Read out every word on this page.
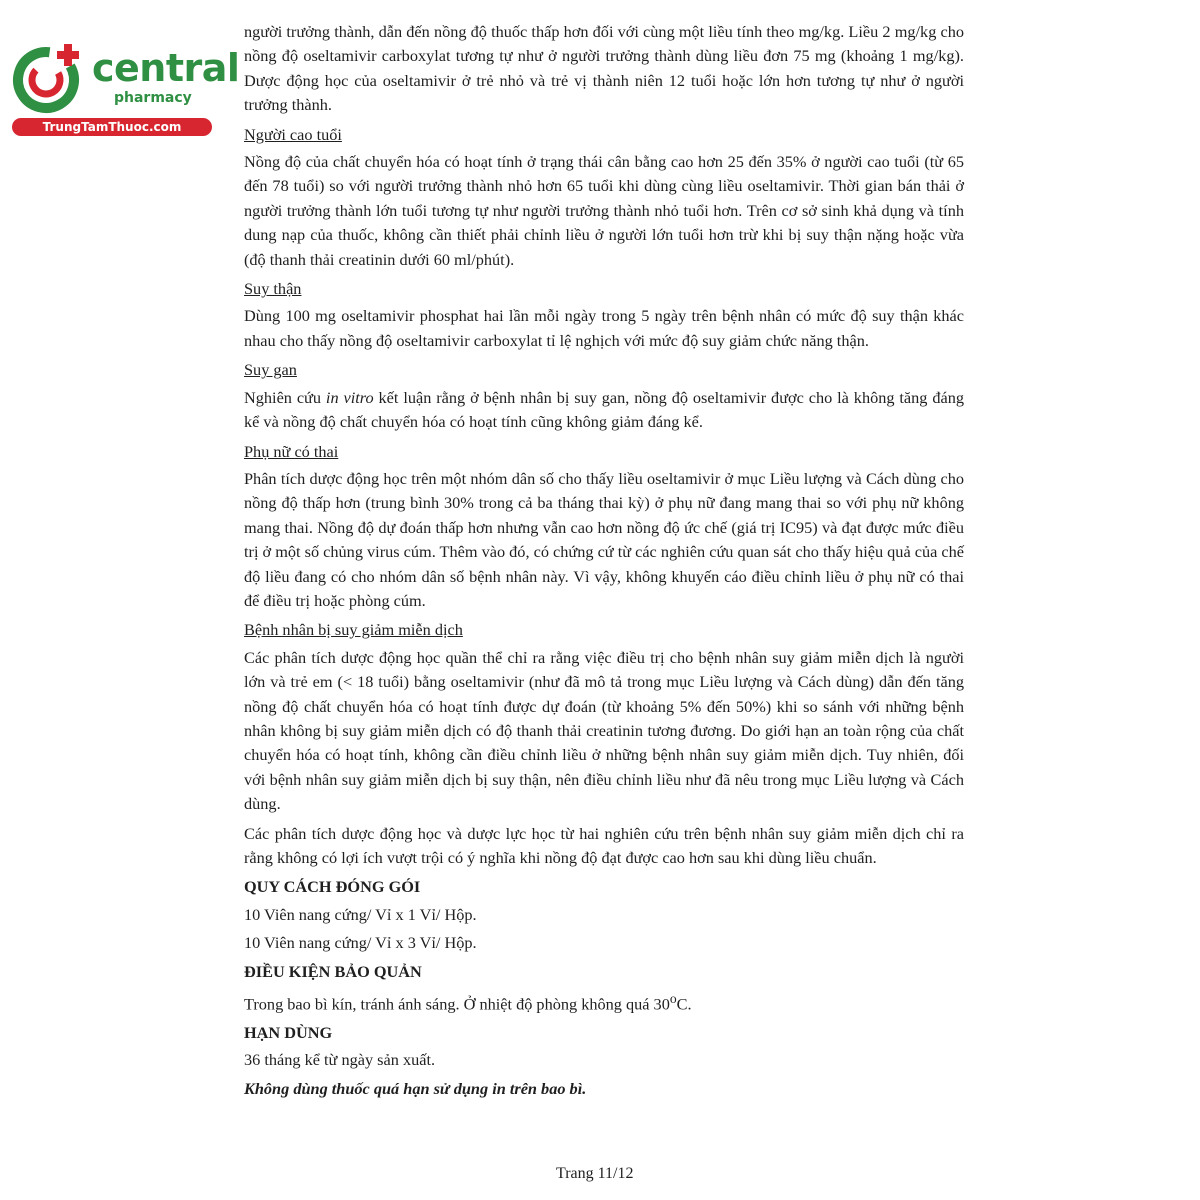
central
pharmacy
TrungTamThuoc.com

người trưởng thành, dẫn đến nồng độ thuốc thấp hơn đối với cùng một liều tính theo mg/kg. Liều 2 mg/kg cho nồng độ oseltamivir carboxylat tương tự như ở người trưởng thành dùng liều đơn 75 mg (khoảng 1 mg/kg). Dược động học của oseltamivir ở trẻ nhỏ và trẻ vị thành niên 12 tuổi hoặc lớn hơn tương tự như ở người trưởng thành.

Người cao tuổi

Nồng độ của chất chuyển hóa có hoạt tính ở trạng thái cân bằng cao hơn 25 đến 35% ở người cao tuổi (từ 65 đến 78 tuổi) so với người trưởng thành nhỏ hơn 65 tuổi khi dùng cùng liều oseltamivir. Thời gian bán thải ở người trưởng thành lớn tuổi tương tự như người trưởng thành nhỏ tuổi hơn. Trên cơ sở sinh khả dụng và tính dung nạp của thuốc, không cần thiết phải chỉnh liều ở người lớn tuổi hơn trừ khi bị suy thận nặng hoặc vừa (độ thanh thải creatinin dưới 60 ml/phút).

Suy thận

Dùng 100 mg oseltamivir phosphat hai lần mỗi ngày trong 5 ngày trên bệnh nhân có mức độ suy thận khác nhau cho thấy nồng độ oseltamivir carboxylat tỉ lệ nghịch với mức độ suy giảm chức năng thận.

Suy gan

Nghiên cứu in vitro kết luận rằng ở bệnh nhân bị suy gan, nồng độ oseltamivir được cho là không tăng đáng kể và nồng độ chất chuyển hóa có hoạt tính cũng không giảm đáng kể.

Phụ nữ có thai

Phân tích dược động học trên một nhóm dân số cho thấy liều oseltamivir ở mục Liều lượng và Cách dùng cho nồng độ thấp hơn (trung bình 30% trong cả ba tháng thai kỳ) ở phụ nữ đang mang thai so với phụ nữ không mang thai. Nồng độ dự đoán thấp hơn nhưng vẫn cao hơn nồng độ ức chế (giá trị IC95) và đạt được mức điều trị ở một số chủng virus cúm. Thêm vào đó, có chứng cứ từ các nghiên cứu quan sát cho thấy hiệu quả của chế độ liều đang có cho nhóm dân số bệnh nhân này. Vì vậy, không khuyến cáo điều chỉnh liều ở phụ nữ có thai để điều trị hoặc phòng cúm.

Bệnh nhân bị suy giảm miễn dịch

Các phân tích dược động học quần thể chỉ ra rằng việc điều trị cho bệnh nhân suy giảm miễn dịch là người lớn và trẻ em (< 18 tuổi) bằng oseltamivir (như đã mô tả trong mục Liều lượng và Cách dùng) dẫn đến tăng nồng độ chất chuyển hóa có hoạt tính được dự đoán (từ khoảng 5% đến 50%) khi so sánh với những bệnh nhân không bị suy giảm miễn dịch có độ thanh thải creatinin tương đương. Do giới hạn an toàn rộng của chất chuyển hóa có hoạt tính, không cần điều chỉnh liều ở những bệnh nhân suy giảm miễn dịch. Tuy nhiên, đối với bệnh nhân suy giảm miễn dịch bị suy thận, nên điều chỉnh liều như đã nêu trong mục Liều lượng và Cách dùng.

Các phân tích dược động học và dược lực học từ hai nghiên cứu trên bệnh nhân suy giảm miễn dịch chỉ ra rằng không có lợi ích vượt trội có ý nghĩa khi nồng độ đạt được cao hơn sau khi dùng liều chuẩn.

QUY CÁCH ĐÓNG GÓI
10 Viên nang cứng/ Vỉ x 1 Vỉ/ Hộp.
10 Viên nang cứng/ Vỉ x 3 Vỉ/ Hộp.
ĐIỀU KIỆN BẢO QUẢN
Trong bao bì kín, tránh ánh sáng. Ở nhiệt độ phòng không quá 30$^o$C.
HẠN DÙNG
36 tháng kể từ ngày sản xuất.
Không dùng thuốc quá hạn sử dụng in trên bao bì.
Trang 11/12
